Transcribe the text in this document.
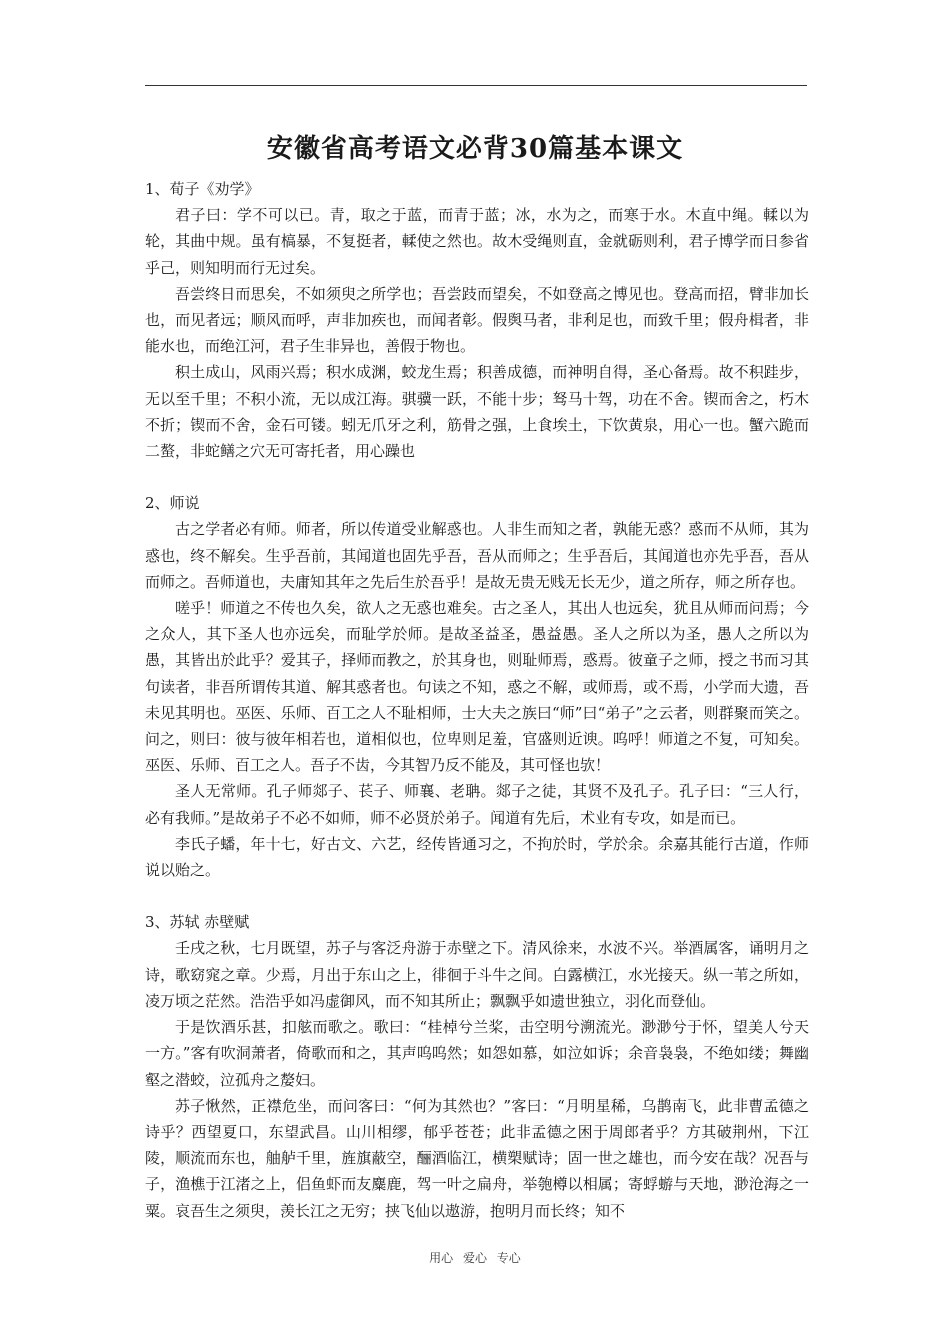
安徽省高考语文必背30篇基本课文

1、荀子《劝学》

君子曰：学不可以已。青，取之于蓝，而青于蓝；冰，水为之，而寒于水。木直中绳。輮以为轮，其曲中规。虽有槁暴，不复挺者，輮使之然也。故木受绳则直，金就砺则利，君子博学而日参省乎己，则知明而行无过矣。

吾尝终日而思矣，不如须臾之所学也；吾尝跂而望矣，不如登高之博见也。登高而招，臂非加长也，而见者远；顺风而呼，声非加疾也，而闻者彰。假舆马者，非利足也，而致千里；假舟楫者，非能水也，而绝江河，君子生非异也，善假于物也。

积土成山，风雨兴焉；积水成渊，蛟龙生焉；积善成德，而神明自得，圣心备焉。故不积跬步，无以至千里；不积小流，无以成江海。骐骥一跃，不能十步；驽马十驾，功在不舍。锲而舍之，朽木不折；锲而不舍，金石可镂。蚓无爪牙之利，筋骨之强，上食埃土，下饮黄泉，用心一也。蟹六跪而二螯，非蛇鳝之穴无可寄托者，用心躁也

2、师说

古之学者必有师。师者，所以传道受业解惑也。人非生而知之者，孰能无惑？惑而不从师，其为惑也，终不解矣。生乎吾前，其闻道也固先乎吾，吾从而师之；生乎吾后，其闻道也亦先乎吾，吾从而师之。吾师道也，夫庸知其年之先后生於吾乎！是故无贵无贱无长无少，道之所存，师之所存也。

嗟乎！师道之不传也久矣，欲人之无惑也难矣。古之圣人，其出人也远矣，犹且从师而问焉；今之众人，其下圣人也亦远矣，而耻学於师。是故圣益圣，愚益愚。圣人之所以为圣，愚人之所以为愚，其皆出於此乎？爱其子，择师而教之，於其身也，则耻师焉，惑焉。彼童子之师，授之书而习其句读者，非吾所谓传其道、解其惑者也。句读之不知，惑之不解，或师焉，或不焉，小学而大遗，吾未见其明也。巫医、乐师、百工之人不耻相师，士大夫之族曰“师”曰“弟子”之云者，则群聚而笑之。问之，则曰：彼与彼年相若也，道相似也，位卑则足羞，官盛则近谀。呜呼！师道之不复，可知矣。巫医、乐师、百工之人。吾子不齿，今其智乃反不能及，其可怪也欤！

圣人无常师。孔子师郯子、苌子、师襄、老聃。郯子之徒，其贤不及孔子。孔子曰：“三人行，必有我师。”是故弟子不必不如师，师不必贤於弟子。闻道有先后，术业有专攻，如是而已。

李氏子蟠，年十七，好古文、六艺，经传皆通习之，不拘於时，学於余。余嘉其能行古道，作师说以贻之。

3、苏轼 赤壁赋

壬戌之秋，七月既望，苏子与客泛舟游于赤壁之下。清风徐来，水波不兴。举酒属客，诵明月之诗，歌窈窕之章。少焉，月出于东山之上，徘徊于斗牛之间。白露横江，水光接天。纵一苇之所如，凌万顷之茫然。浩浩乎如冯虚御风，而不知其所止；飘飘乎如遗世独立，羽化而登仙。

于是饮酒乐甚，扣舷而歌之。歌曰：“桂棹兮兰桨，击空明兮溯流光。渺渺兮于怀，望美人兮天一方。”客有吹洞萧者，倚歌而和之，其声呜呜然；如怨如慕，如泣如诉；余音袅袅，不绝如缕；舞幽壑之潜蛟，泣孤舟之嫠妇。

苏子愀然，正襟危坐，而问客曰：“何为其然也？”客曰：“月明星稀，乌鹊南飞，此非曹孟德之诗乎？西望夏口，东望武昌。山川相缪，郁乎苍苍；此非孟德之困于周郎者乎？方其破荆州，下江陵，顺流而东也，舳舻千里，旌旗蔽空，酾酒临江，横槊赋诗；固一世之雄也，而今安在哉？况吾与子，渔樵于江渚之上，侣鱼虾而友麋鹿，驾一叶之扁舟，举匏樽以相属；寄蜉蝣与天地，渺沧海之一粟。哀吾生之须臾，羡长江之无穷；挟飞仙以遨游，抱明月而长终；知不

用心 爱心 专心
